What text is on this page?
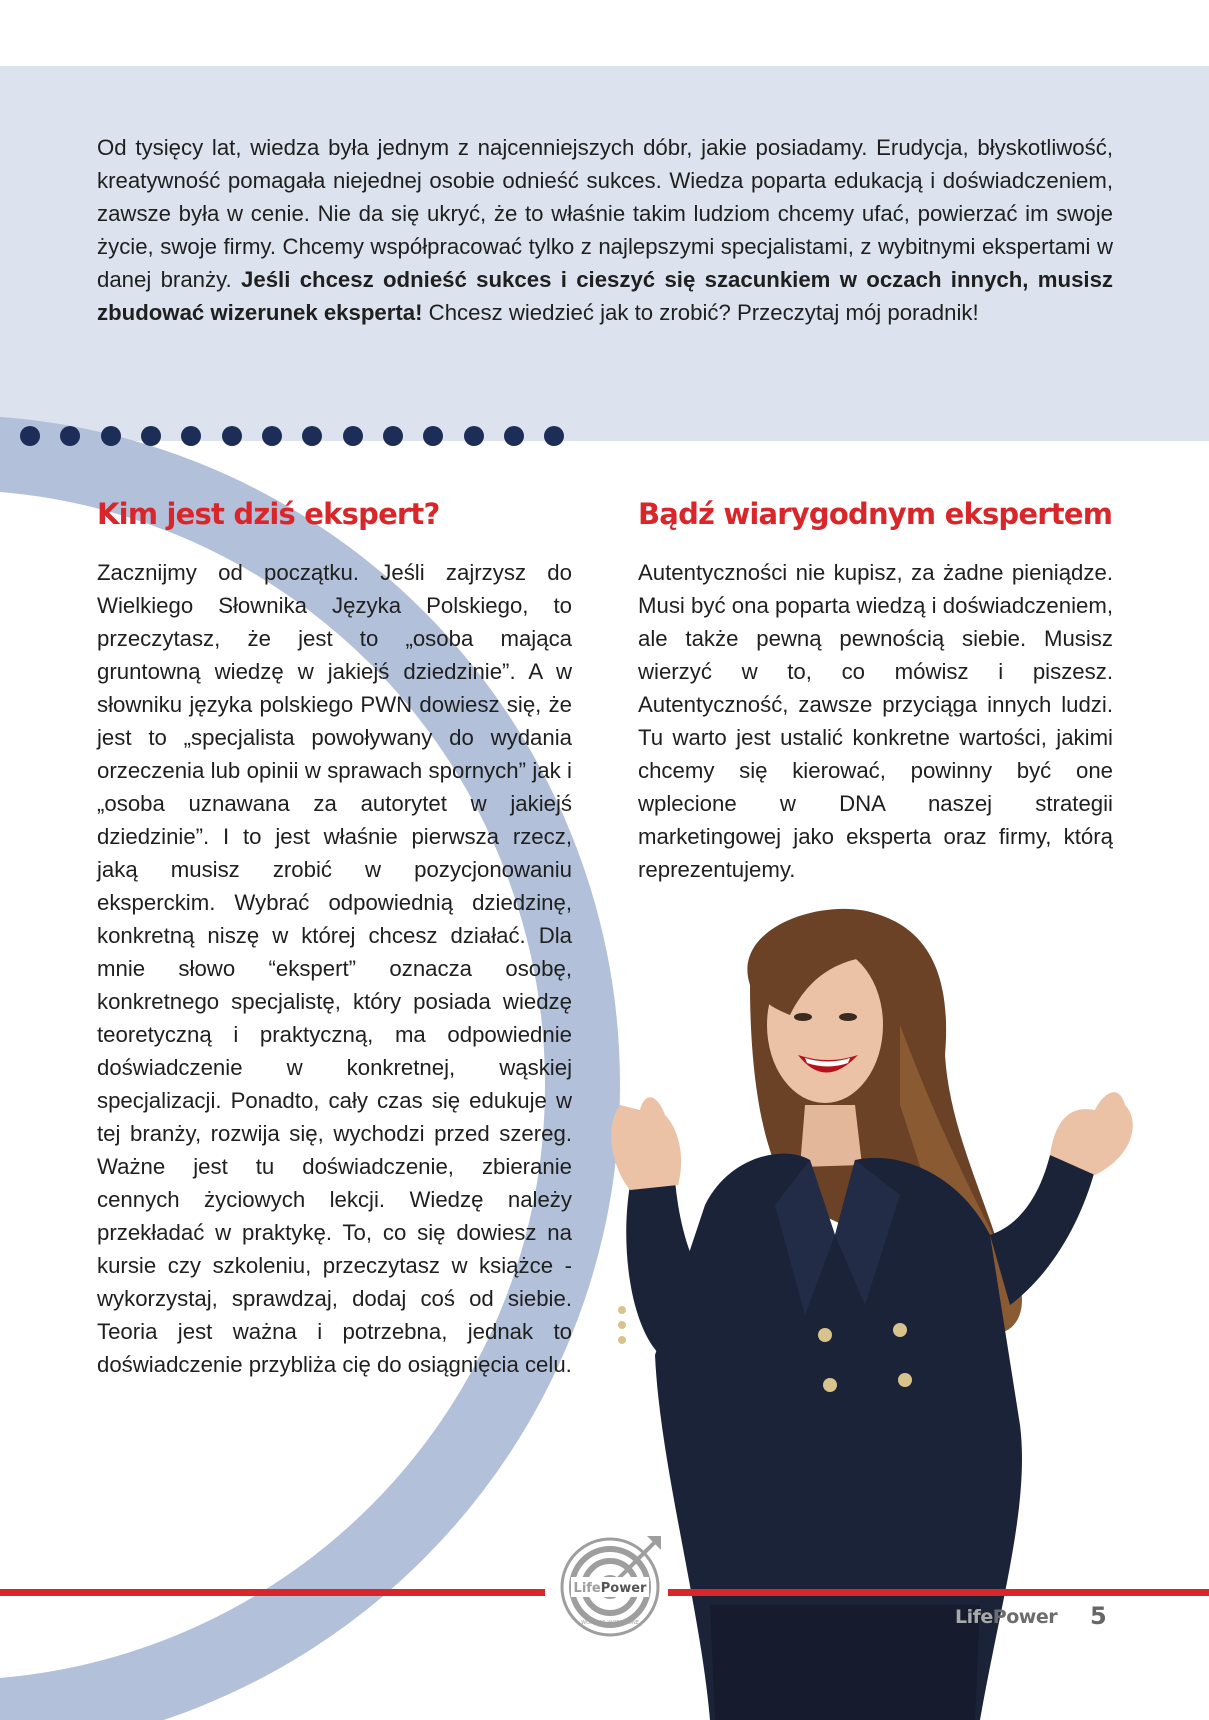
Od tysięcy lat, wiedza była jednym z najcenniejszych dóbr, jakie posiadamy. Erudycja, błyskotliwość, kreatywność pomagała niejednej osobie odnieść sukces. Wiedza poparta edukacją i doświadczeniem, zawsze była w cenie. Nie da się ukryć, że to właśnie takim ludziom chcemy ufać, powierzać im swoje życie, swoje firmy. Chcemy współpracować tylko z najlepszymi specjalistami, z wybitnymi ekspertami w danej branży. Jeśli chcesz odnieść sukces i cieszyć się szacunkiem w oczach innych, musisz zbudować wizerunek eksperta! Chcesz wiedzieć jak to zrobić? Przeczytaj mój poradnik!

Kim jest dziś ekspert?

Zacznijmy od początku. Jeśli zajrzysz do Wielkiego Słownika Języka Polskiego, to przeczytasz, że jest to „osoba mająca gruntowną wiedzę w jakiejś dziedzinie”. A w słowniku języka polskiego PWN dowiesz się, że jest to „specjalista powoływany do wydania orzeczenia lub opinii w sprawach spornych” jak i „osoba uznawana za autorytet w jakiejś dziedzinie”. I to jest właśnie pierwsza rzecz, jaką musisz zrobić w pozycjonowaniu eksperckim. Wybrać odpowiednią dziedzinę, konkretną niszę w której chcesz działać. Dla mnie słowo “ekspert” oznacza osobę, konkretnego specjalistę, który posiada wiedzę teoretyczną i praktyczną, ma odpowiednie doświadczenie w konkretnej, wąskiej specjalizacji. Ponadto, cały czas się edukuje w tej branży, rozwija się, wychodzi przed szereg. Ważne jest tu doświadczenie, zbieranie cennych życiowych lekcji. Wiedzę należy przekładać w praktykę. To, co się dowiesz na kursie czy szkoleniu, przeczytasz w książce - wykorzystaj, sprawdzaj, dodaj coś od siebie. Teoria jest ważna i potrzebna, jednak to doświadczenie przybliża cię do osiągnięcia celu.

Bądź wiarygodnym ekspertem

Autentyczności nie kupisz, za żadne pieniądze. Musi być ona poparta wiedzą i doświadczeniem, ale także pewną pewnością siebie. Musisz wierzyć w to, co mówisz i piszesz. Autentyczność, zawsze przyciąga innych ludzi. Tu warto jest ustalić konkretne wartości, jakimi chcemy się kierować, powinny być one wplecione w DNA naszej strategii marketingowej jako eksperta oraz firmy, którą reprezentujemy.

LifePower
WOMEN'S WORK ZONE	LifePower 5
